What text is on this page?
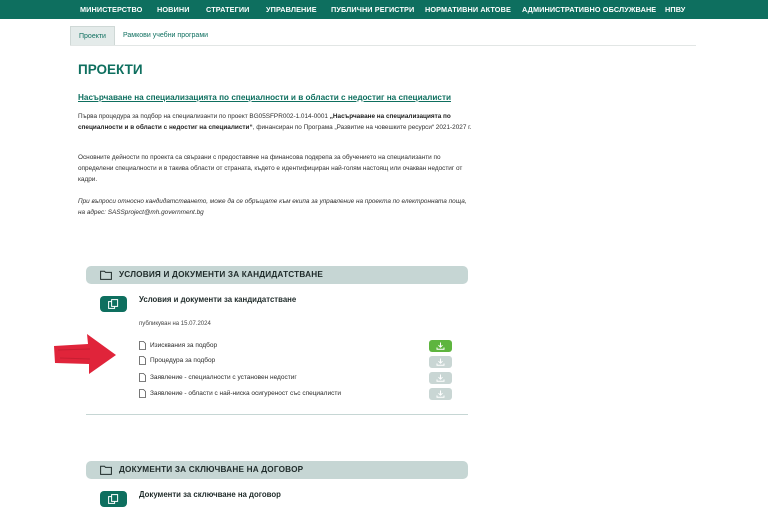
МИНИСТЕРСТВО НОВИНИ СТРАТЕГИИ УПРАВЛЕНИЕ ПУБЛИЧНИ РЕГИСТРИ НОРМАТИВНИ АКТОВЕ АДМИНИСТРАТИВНО ОБСЛУЖВАНЕ НПВУ
Проекти	Рамкови учебни програми
ПРОЕКТИ
Насърчаване на специализацията по специалности и в области с недостиг на специалисти
Първа процедура за подбор на специализанти по проект BG05SFPR002-1.014-0001 „Насърчаване на специализацията по специалности и в области с недостиг на специалисти“, финансиран по Програма „Развитие на човешките ресурси“ 2021-2027 г.
Основните дейности по проекта са свързани с предоставяне на финансова подкрепа за обучението на специализанти по определени специалности и в такива области от страната, където е идентифициран най-голям настоящ или очакван недостиг от кадри.
При въпроси относно кандидатстването, може да се обръщате към екипа за управление на проекта по електронната поща, на адрес: SASSproject@mh.government.bg
УСЛОВИЯ И ДОКУМЕНТИ ЗА КАНДИДАТСТВАНЕ
Условия и документи за кандидатстване
публикуван на 15.07.2024
Изисквания за подбор
Процедура за подбор
Заявление - специалности с установен недостиг
Заявление - области с най-ниска осигуреност със специалисти
ДОКУМЕНТИ ЗА СКЛЮЧВАНЕ НА ДОГОВОР
Документи за сключване на договор
